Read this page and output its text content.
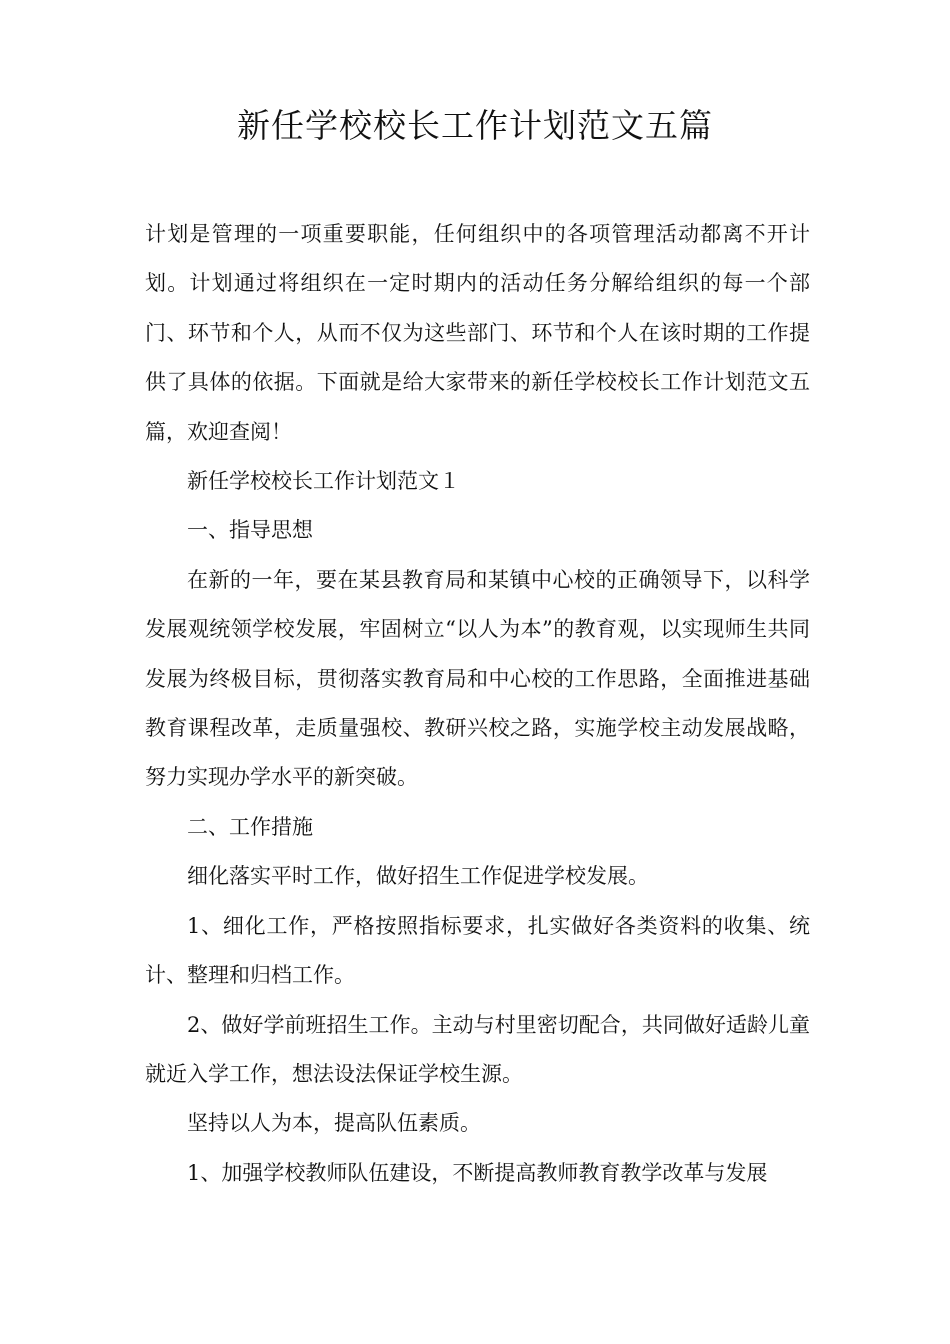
新任学校校长工作计划范文五篇

计划是管理的一项重要职能，任何组织中的各项管理活动都离不开计划。计划通过将组织在一定时期内的活动任务分解给组织的每一个部门、环节和个人，从而不仅为这些部门、环节和个人在该时期的工作提供了具体的依据。下面就是给大家带来的新任学校校长工作计划范文五篇，欢迎查阅！

新任学校校长工作计划范文１

一、指导思想

在新的一年，要在某县教育局和某镇中心校的正确领导下，以科学发展观统领学校发展，牢固树立“以人为本”的教育观，以实现师生共同发展为终极目标，贯彻落实教育局和中心校的工作思路，全面推进基础教育课程改革，走质量强校、教研兴校之路，实施学校主动发展战略，努力实现办学水平的新突破。

二、工作措施

细化落实平时工作，做好招生工作促进学校发展。

1、细化工作，严格按照指标要求，扎实做好各类资料的收集、统计、整理和归档工作。

2、做好学前班招生工作。主动与村里密切配合，共同做好适龄儿童就近入学工作，想法设法保证学校生源。

坚持以人为本，提高队伍素质。

1、加强学校教师队伍建设，不断提高教师教育教学改革与发展
